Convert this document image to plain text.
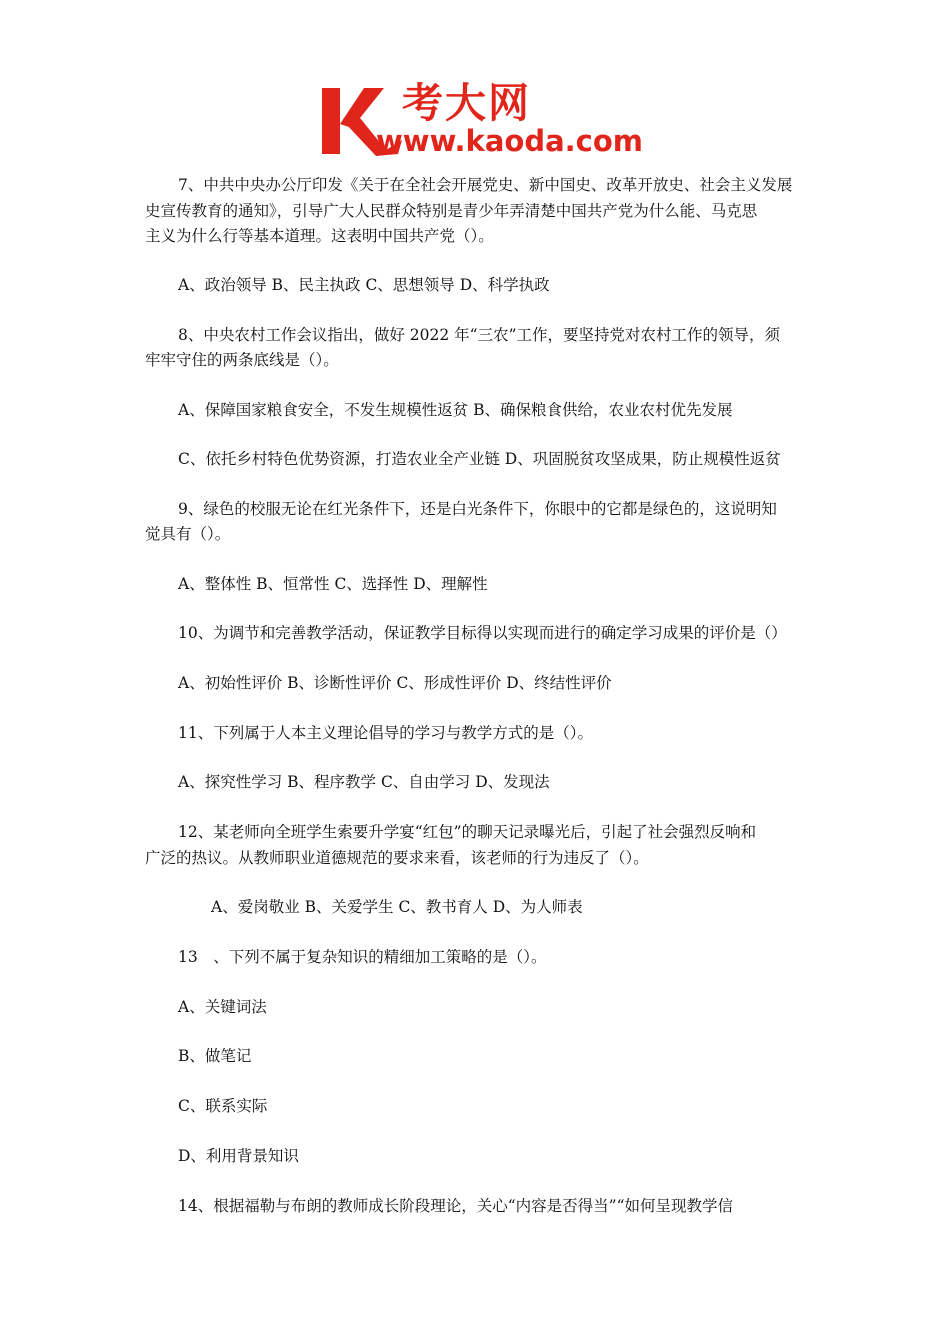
考大网
www.kaoda.com
7、中共中央办公厅印发《关于在全社会开展党史、新中国史、改革开放史、社会主义发展
史宣传教育的通知》，引导广大人民群众特别是青少年弄清楚中国共产党为什么能、马克思
主义为什么行等基本道理。这表明中国共产党（）。
A、政治领导 B、民主执政 C、思想领导 D、科学执政
8、中央农村工作会议指出，做好 2022 年“三农”工作，要坚持党对农村工作的领导，须
牢牢守住的两条底线是（）。
A、保障国家粮食安全，不发生规模性返贫 B、确保粮食供给，农业农村优先发展
C、依托乡村特色优势资源，打造农业全产业链 D、巩固脱贫攻坚成果，防止规模性返贫
9、绿色的校服无论在红光条件下，还是白光条件下，你眼中的它都是绿色的，这说明知
觉具有（）。
A、整体性 B、恒常性 C、选择性 D、理解性
10、为调节和完善教学活动，保证教学目标得以实现而进行的确定学习成果的评价是（）
A、初始性评价 B、诊断性评价 C、形成性评价 D、终结性评价
11、下列属于人本主义理论倡导的学习与教学方式的是（）。
A、探究性学习 B、程序教学 C、自由学习 D、发现法
12、某老师向全班学生索要升学宴“红包”的聊天记录曝光后，引起了社会强烈反响和
广泛的热议。从教师职业道德规范的要求来看，该老师的行为违反了（）。
A、爱岗敬业 B、关爱学生 C、教书育人 D、为人师表
13　、下列不属于复杂知识的精细加工策略的是（）。
A、关键词法
B、做笔记
C、联系实际
D、利用背景知识
14、根据福勒与布朗的教师成长阶段理论，关心“内容是否得当”“如何呈现教学信
